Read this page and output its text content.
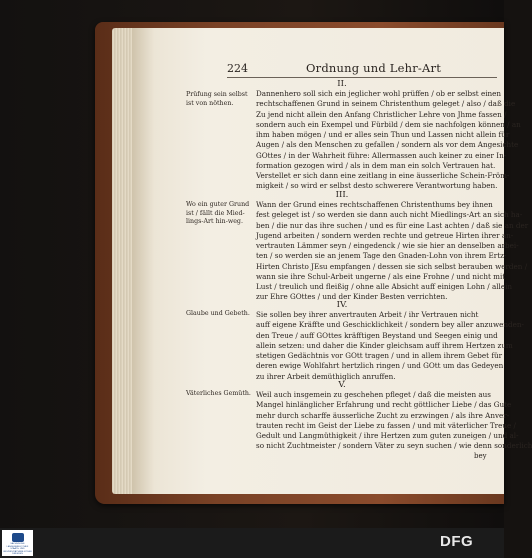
224	Ordnung und Lehr-Art
II.
Prüfung sein selbst ist von nöthen.
Dannenhero soll sich ein jeglicher wohl prüffen / ob er selbst einen
rechtschaffenen Grund in seinem Christenthum geleget / also / daß die
Zu jend nicht allein den Anfang Christlicher Lehre von Jhme fassen /
sondern auch ein Exempel und Fürbild / dem sie nachfolgen können / an
ihm haben mögen / und er alles sein Thun und Lassen nicht allein für
Augen / als den Menschen zu gefallen / sondern als vor dem Angesichte
GOttes / in der Wahrheit führe: Allermassen auch keiner zu einer In-
formation gezogen wird / als in dem man ein solch Vertrauen hat.
Verstellet er sich dann eine zeitlang in eine äusserliche Schein-Fröm-
migkeit / so wird er selbst desto schwerere Verantwortung haben.
III.
Wo ein guter Grund ist / fällt die Mied-lings-Art hin-weg.
Wann der Grund eines rechtschaffenen Christenthums bey ihnen
fest geleget ist / so werden sie dann auch nicht Miedlings-Art an sich ha-
ben / die nur das ihre suchen / und es für eine Last achten / daß sie an der
Jugend arbeiten / sondern werden rechte und getreue Hirten ihrer an-
vertrauten Lämmer seyn / eingedenck / wie sie hier an denselben arbei-
ten / so werden sie an jenem Tage den Gnaden-Lohn von ihrem Ertz-
Hirten Christo JEsu empfangen / dessen sie sich selbst berauben werden /
wann sie ihre Schul-Arbeit ungerne / als eine Frohne / und nicht mit
Lust / treulich und fleißig / ohne alle Absicht auff einigen Lohn / allein
zur Ehre GOttes / und der Kinder Besten verrichten.
IV.
Glaube und Gebeth. Sie sollen bey ihrer anvertrauten Arbeit / ihr Vertrauen nicht
auff eigene Kräffte und Geschicklichkeit / sondern bey aller anzuwenden-
den Treue / auff GOttes kräfftigen Beystand und Seegen einig und
allein setzen: und daher die Kinder gleichsam auff ihrem Hertzen zum
stetigen Gedächtnis vor GOtt tragen / und in allem ihrem Gebet für
deren ewige Wohlfahrt hertzlich ringen / und GOtt um das Gedeyen
zu ihrer Arbeit demüthiglich anruffen.
V.
Väterliches Gemüth. Weil auch insgemein zu geschehen pfleget / daß die meisten aus
Mangel hinlänglicher Erfahrung und recht göttlicher Liebe / das Gute
mehr durch scharffe äusserliche Zucht zu erzwingen / als ihre Anver-
trauten recht im Geist der Liebe zu fassen / und mit väterlicher Treue /
Gedult und Langmüthigkeit / ihre Hertzen zum guten zuneigen / und al-
so nicht Zuchtmeister / sondern Väter zu seyn suchen / wie denn sonderlich
bey
SÄCHSISCHE LANDESBIBLIOTHEK STAATS- UND UNIVERSITÄTSBIBLIOTHEK DRESDEN
DFG
